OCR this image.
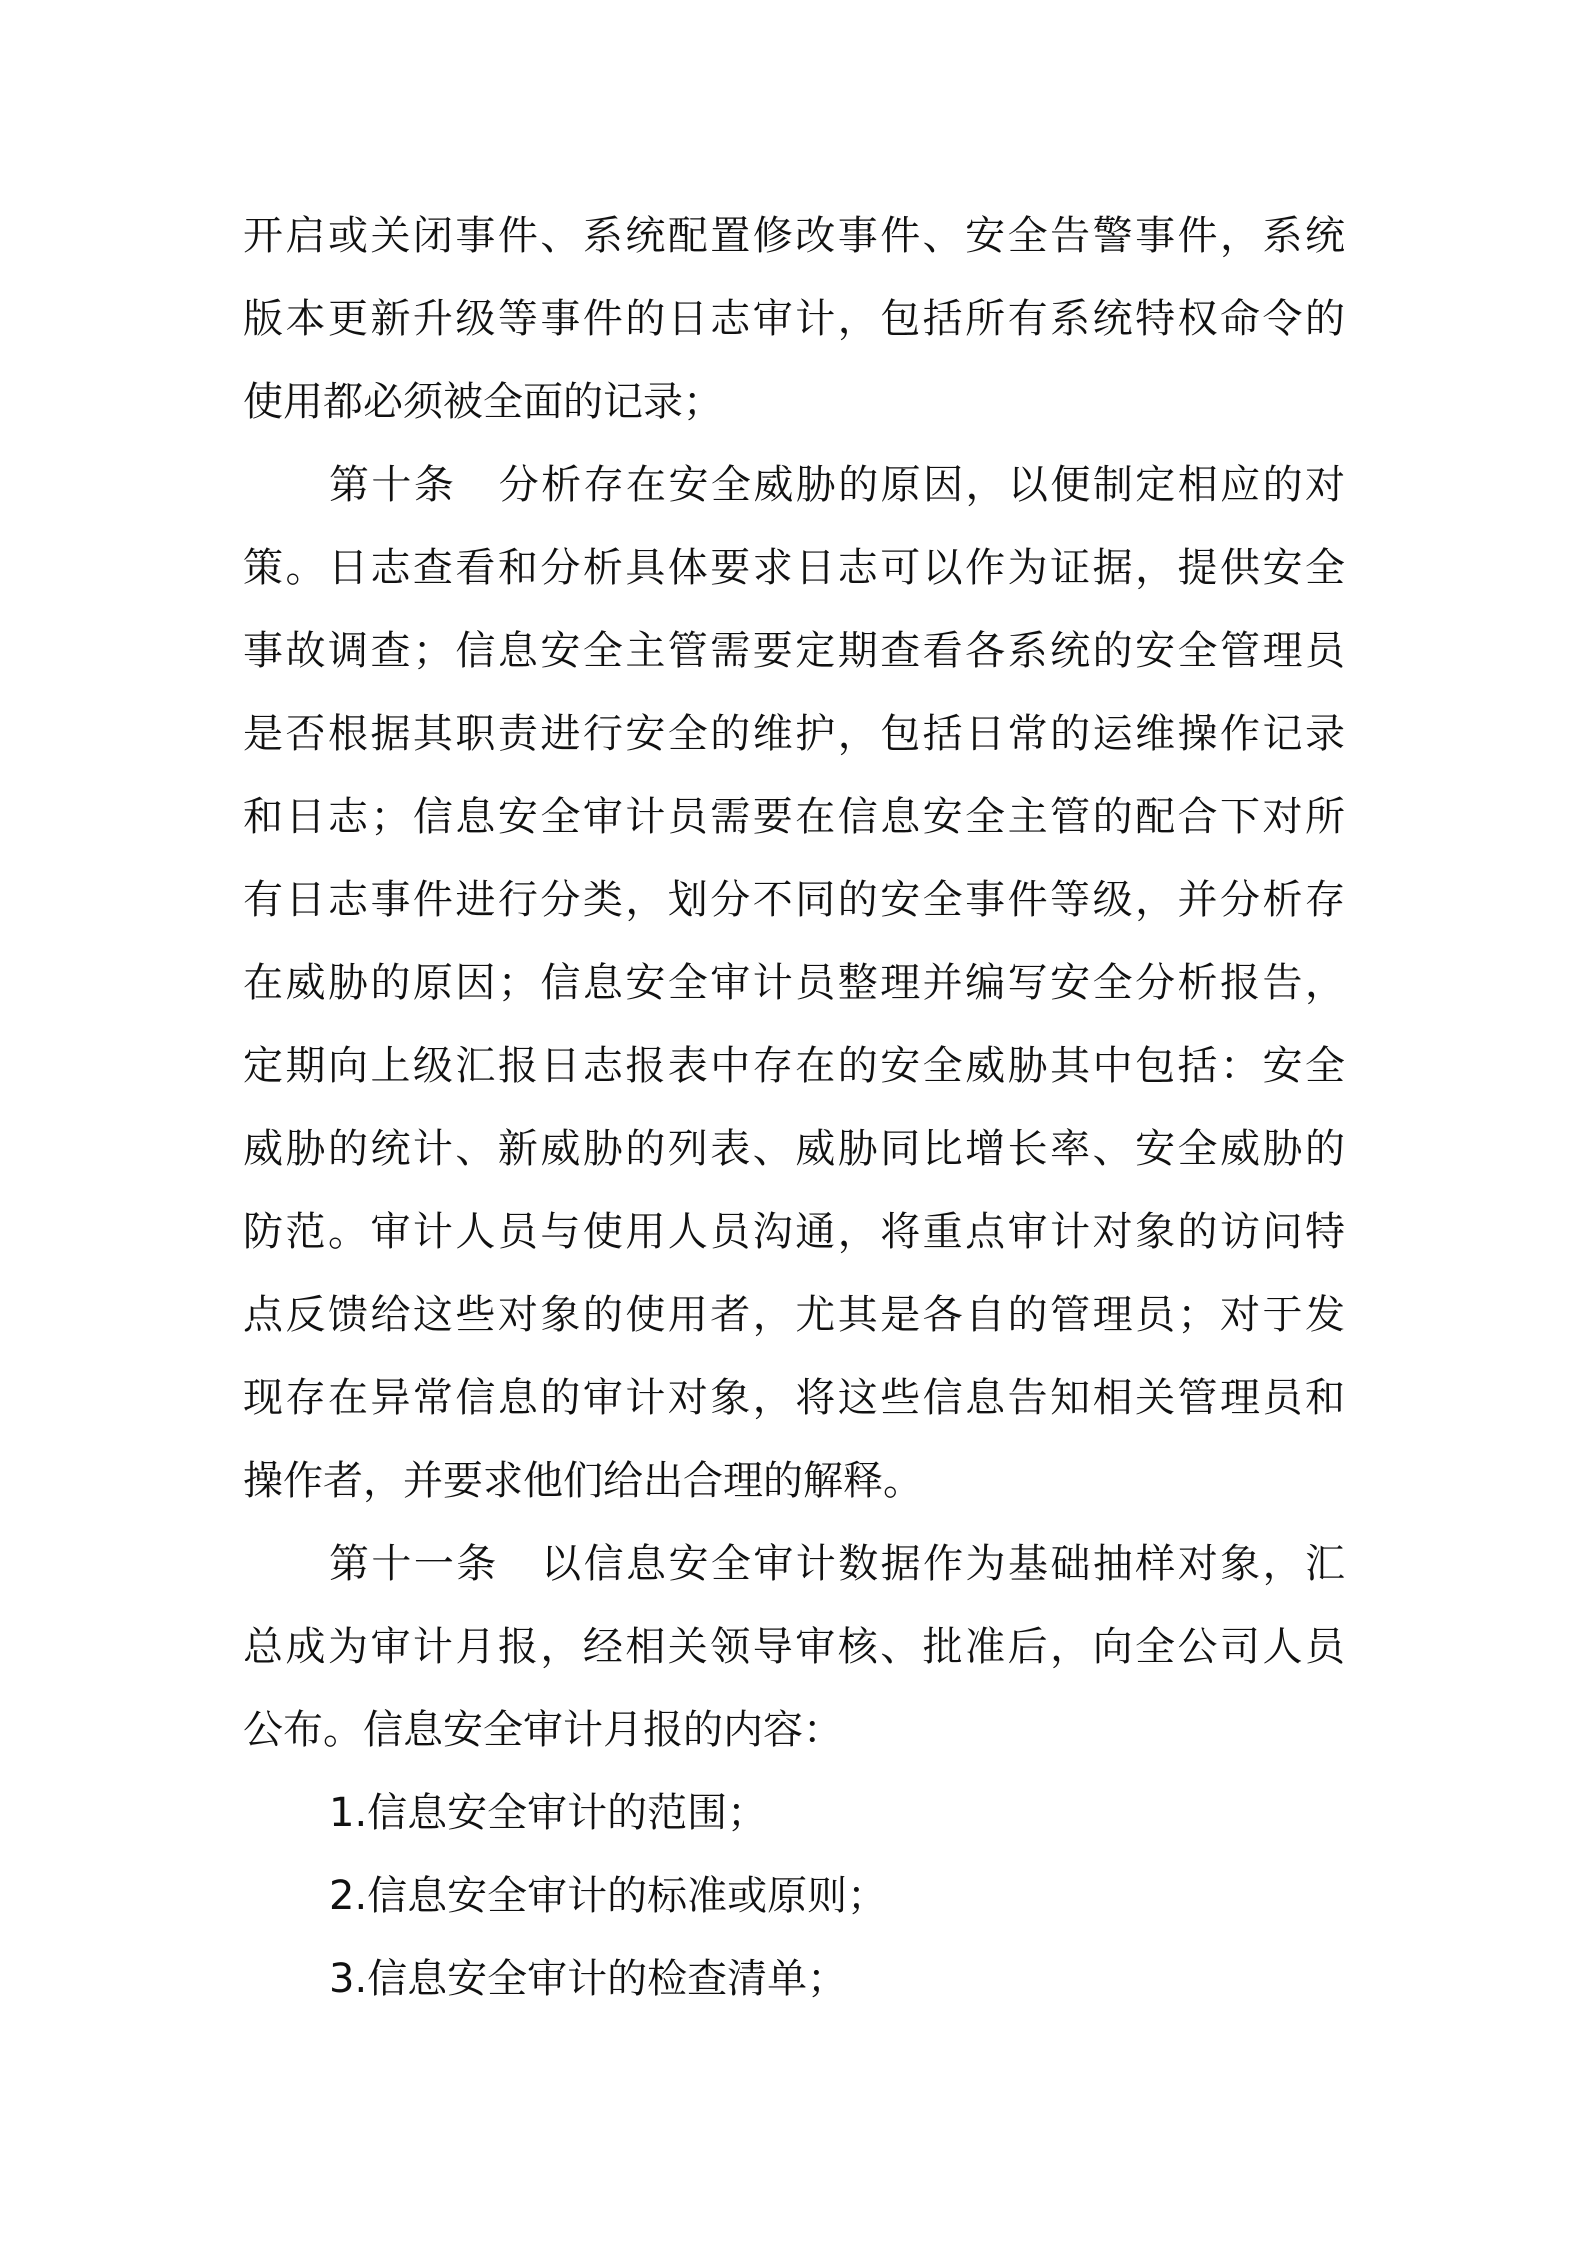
开启或关闭事件、系统配置修改事件、安全告警事件，系统
版本更新升级等事件的日志审计，包括所有系统特权命令的
使用都必须被全面的记录；
第十条　分析存在安全威胁的原因，以便制定相应的对
策。日志查看和分析具体要求日志可以作为证据，提供安全
事故调查；信息安全主管需要定期查看各系统的安全管理员
是否根据其职责进行安全的维护，包括日常的运维操作记录
和日志；信息安全审计员需要在信息安全主管的配合下对所
有日志事件进行分类，划分不同的安全事件等级，并分析存
在威胁的原因；信息安全审计员整理并编写安全分析报告，
定期向上级汇报日志报表中存在的安全威胁其中包括：安全
威胁的统计、新威胁的列表、威胁同比增长率、安全威胁的
防范。审计人员与使用人员沟通，将重点审计对象的访问特
点反馈给这些对象的使用者，尤其是各自的管理员；对于发
现存在异常信息的审计对象，将这些信息告知相关管理员和
操作者，并要求他们给出合理的解释。
第十一条　以信息安全审计数据作为基础抽样对象，汇
总成为审计月报，经相关领导审核、批准后，向全公司人员
公布。信息安全审计月报的内容：
1.信息安全审计的范围；
2.信息安全审计的标准或原则；
3.信息安全审计的检查清单；
